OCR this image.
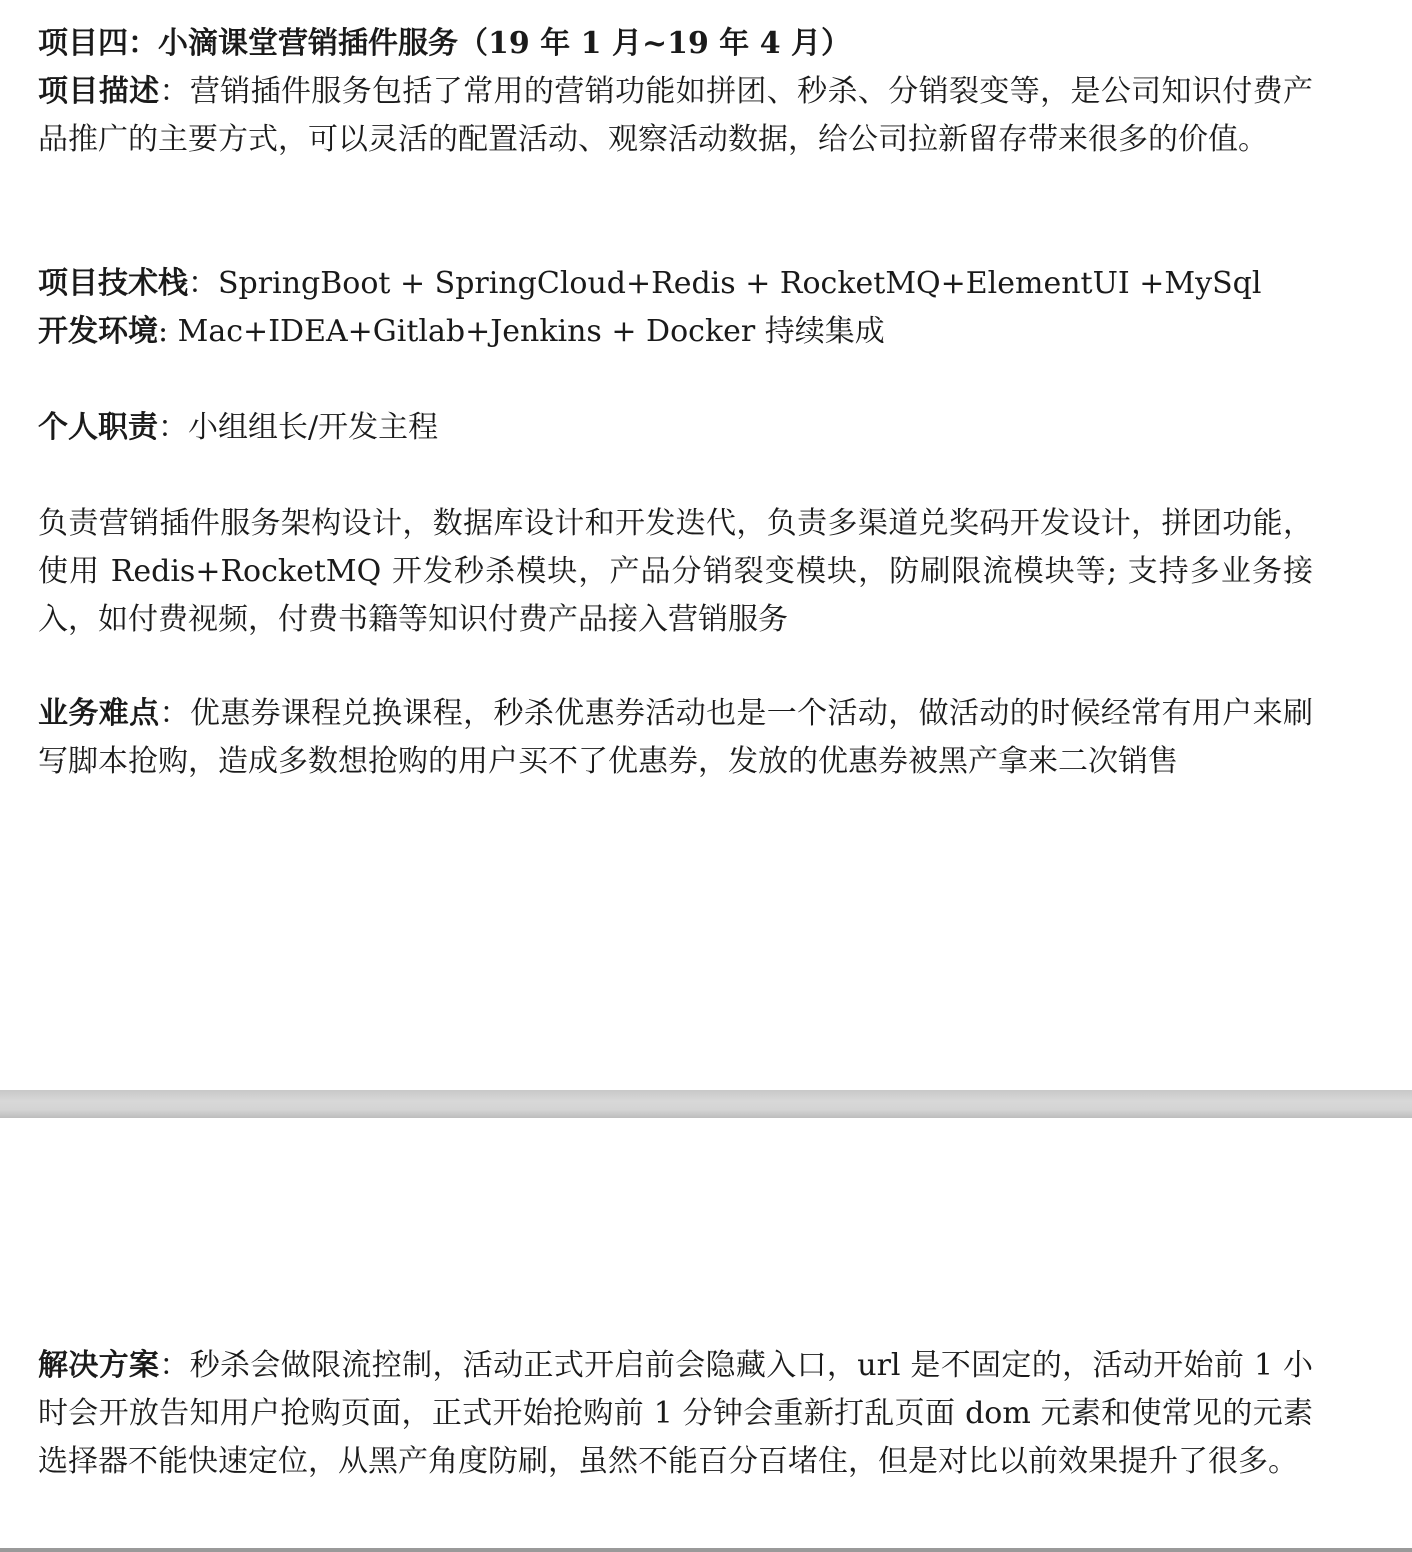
项目四：小滴课堂营销插件服务（19 年 1 月~19 年 4 月）

项目描述：营销插件服务包括了常用的营销功能如拼团、秒杀、分销裂变等，是公司知识付费产品推广的主要方式，可以灵活的配置活动、观察活动数据，给公司拉新留存带来很多的价值。

项目技术栈：SpringBoot + SpringCloud+Redis + RocketMQ+ElementUI +MySql

开发环境: Mac+IDEA+Gitlab+Jenkins + Docker 持续集成

个人职责：小组组长/开发主程

负责营销插件服务架构设计，数据库设计和开发迭代，负责多渠道兑奖码开发设计，拼团功能，使用 Redis+RocketMQ 开发秒杀模块，产品分销裂变模块，防刷限流模块等; 支持多业务接入，如付费视频，付费书籍等知识付费产品接入营销服务

业务难点：优惠券课程兑换课程，秒杀优惠券活动也是一个活动，做活动的时候经常有用户来刷写脚本抢购，造成多数想抢购的用户买不了优惠券，发放的优惠券被黑产拿来二次销售

解决方案：秒杀会做限流控制，活动正式开启前会隐藏入口，url 是不固定的，活动开始前 1 小时会开放告知用户抢购页面，正式开始抢购前 1 分钟会重新打乱页面 dom 元素和使常见的元素选择器不能快速定位，从黑产角度防刷，虽然不能百分百堵住，但是对比以前效果提升了很多。
